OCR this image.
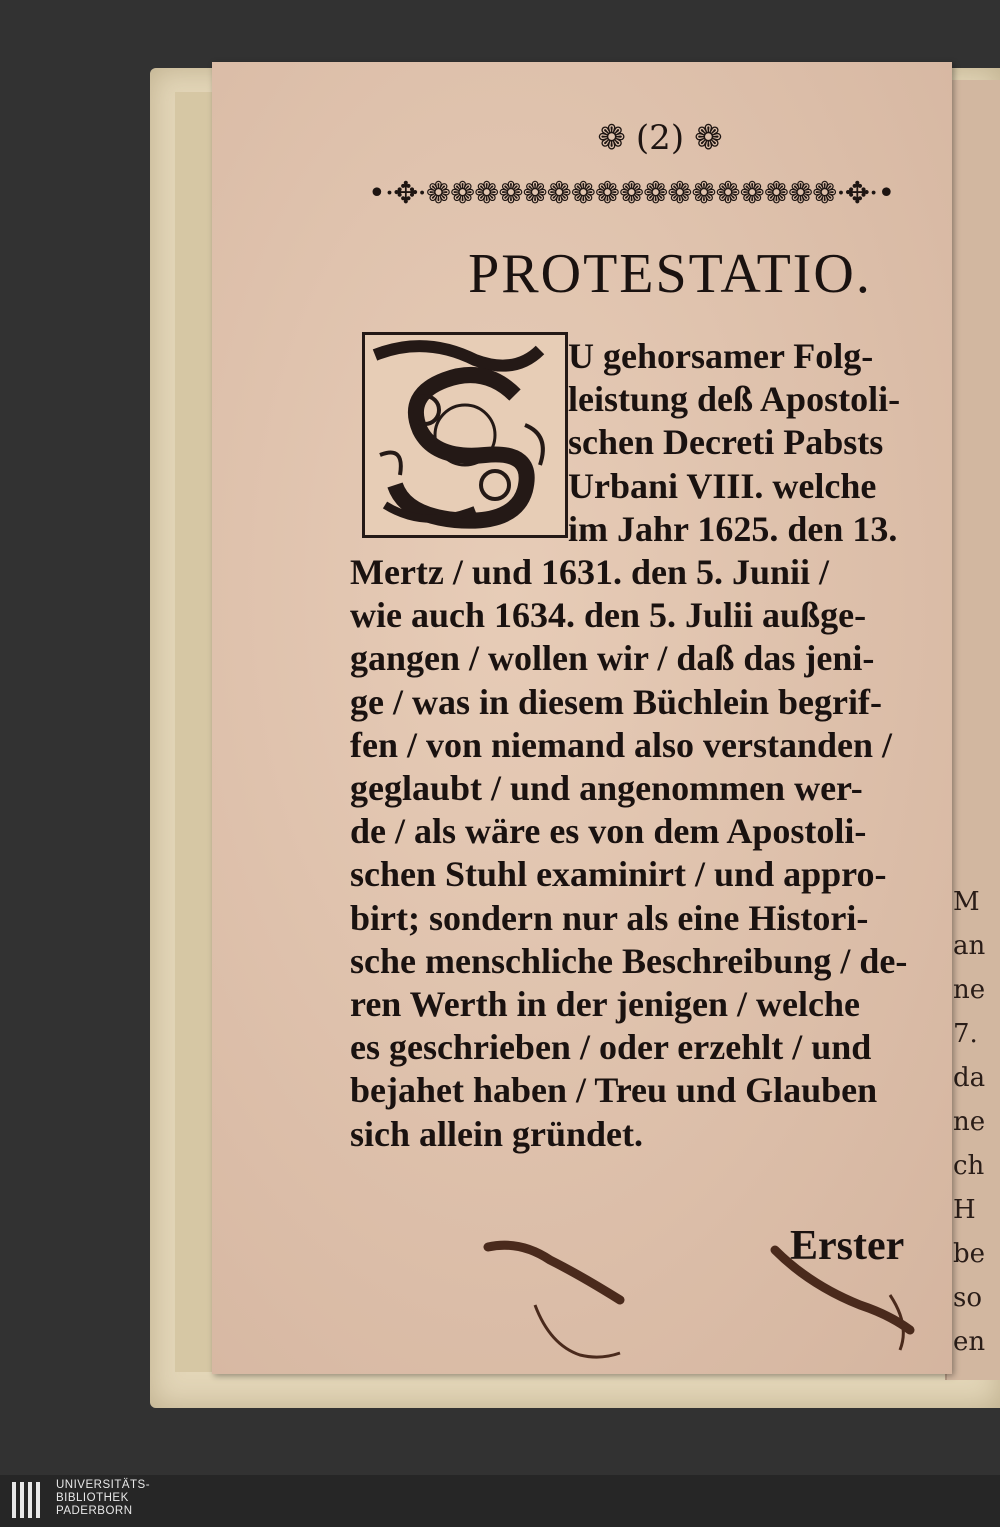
M
an
ne
7.
da
ne
ch
H
be
so
en
❁ (2) ❁
•·✥·❁❁❁❁❁❁❁❁❁❁❁❁❁❁❁❁❁·✥·•
PROTESTATIO.
U gehorsamer Folg-
leistung deß Apostoli-
schen Decreti Pabsts
Urbani VIII. welche
im Jahr 1625. den 13.
Mertz / und 1631. den 5. Junii /
wie auch 1634. den 5. Julii außge-
gangen / wollen wir / daß das jeni-
ge / was in diesem Büchlein begrif-
fen / von niemand also verstanden /
geglaubt / und angenommen wer-
de / als wäre es von dem Apostoli-
schen Stuhl examinirt / und appro-
birt; sondern nur als eine Histori-
sche menschliche Beschreibung / de-
ren Werth in der jenigen / welche
es geschrieben / oder erzehlt / und
bejahet haben / Treu und Glauben
sich allein gründet.
Erster
UNIVERSITÄTS-
BIBLIOTHEK
PADERBORN
